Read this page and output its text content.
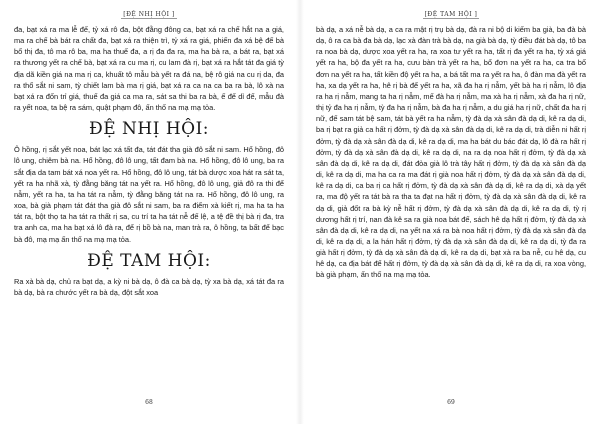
[ĐỆ NHỊ HỘI ]

đa, bạt xá ra ma lễ đế, tỷ xá rô đa, bột đằng đông ca, bạt xá ra chế hắt na a giá, ma ra chế bà bát ra chất đa, bạt xá ra thiện trì, tỷ xá ra giá, phiến đa xá bệ đế bà bổ thị đa, tô ma rô ba, ma ha thuế đa, a rị đa đa ra, ma ha bà ra, a bát ra, bạt xá ra thương yết ra chế bà, bạt xá ra cu ma rị, cu lam đà rị, bạt xá ra hắt tát đa giá tỳ địa dã kiền giá na ma rị ca, khuất tô mẫu bà yết ra đá na, bệ rô giá na cu rị da, đa ra thổ sắt ni sam, tỳ chiết lam bà ma rị giá, bạt xá ra ca na ca ba ra bà, lô xà na bạt xá ra đốn trỉ giá, thuế đa giá ca ma ra, sát sa thi ba ra bà, ế đế dỉ đế, mẫu đà ra yết noa, ta bệ ra sám, quật phạm đô, ấn thố na mạ mạ tỏa.

ĐỆ NHỊ HỘI:

Ô hồng, rị sắt yết noa, bát lạc xá tất đa, tát đát tha già đô sắt ni sam. Hổ hồng, đô lô ung, chiêm bà na. Hổ hồng, đô lô ung, tất đam bà na. Hổ hồng, đô lô ung, ba ra sắt địa da tam bát xá noa yết ra. Hổ hồng, đô lô ung, tát bà dược xoa hát ra sát ta, yết ra ha nhã xà, tỳ đằng băng tát na yết ra. Hổ hồng, đô lô ung, giả đô ra thi để nẫm, yết ra ha, ta ha tát ra nẫm, tỳ đằng băng tát na ra. Hổ hồng, đô lô ung, ra xoa, bà già phạm tát đát tha già đô sắt ni sam, ba ra điểm xà kiết rị, ma ha ta ha tát ra, bột thọ ta ha tát ra thất rị sa, cu trí ta ha tát nễ đế lệ, a tệ đề thị bà rị đa, tra tra anh ca, ma ha bạt xá lô đà ra, để rị bồ bà na, man trà ra, ô hồng, ta bất để bạc bà đô, mạ mạ ấn thố na mạ mạ tỏa.

ĐỆ TAM HỘI:

Ra xà bà dạ, chủ ra bạt dạ, a kỳ ni bà dạ, ô đà ca bà dạ, tỳ xa bà dạ, xá tát đa ra bà dạ, bà ra chước yết ra bà dạ, đột sắt xoa

68
[ĐỆ TAM HỘI ]

bà dạ, a xá nễ bà dạ, a ca ra mật rị trụ bà dạ, đà ra ni bộ di kiếm ba già, ba đà bà dạ, ô ra ca bà đa bà dạ, lạc xà đàn trà bà dạ, na già bà dạ, tỳ điều đát bà dạ, tô ba ra noa bà dạ, dược xoa yết ra ha, ra xoa tư yết ra ha, tất rị đa yết ra ha, tỳ xá giá yết ra ha, bộ đa yết ra ha, cưu bàn trà yết ra ha, bổ đơn na yết ra ha, ca tra bố đơn na yết ra ha, tất kiền độ yết ra ha, a bá tất ma ra yết ra ha, ô đàn ma đà yết ra ha, xa dạ yết ra ha, hê rị bà để yết ra ha, xã đa ha rị nẫm, yết bà ha rị nẫm, lô địa ra ha rị nẫm, mang ta ha rị nẫm, mế đà ha rị nẫm, ma xà ha rị nẫm, xà đa ha rị nữ, thị tỷ đa ha rị nẫm, tỳ đa ha rị nẫm, bà đa ha rị nẫm, a du giá ha rị nữ, chất đa ha rị nữ, đế sam tát bệ sam, tát bà yết ra ha nẫm, tỳ đà dạ xà sân đà dạ di, kê ra dạ di, ba rị bạt ra giả ca hất rị đởm, tỳ đà dạ xà sân đà dạ di, kê ra dạ di, trà diễn ni hất rị đởm, tỳ đà dạ xà sân đà dạ di, kê ra dạ di, ma ha bát du bác đát dạ, lô đà ra hất rị đởm, tỳ đà dạ xà sân đà dạ di, kê ra dạ di, na ra dạ noa hất rị đởm, tỳ đà dạ xà sân đà dạ di, kê ra dạ di, đát đỏa già lô trà tây hất rị đởm, tỳ đà dạ xà sân đà dạ di, kê ra dạ di, ma ha ca ra ma đát rị già noa hất rị đởm, tỳ đà dạ xà sân đà dạ di, kê ra dạ di, ca ba rị ca hất rị đởm, tỳ đà dạ xà sân đà dạ di, kê ra dạ di, xà dạ yết ra, ma độ yết ra tát bà ra tha ta đạt na hất rị đởm, tỳ đà dạ xà sân đà dạ di, kê ra dạ di, giả đốt ra bà kỳ nễ hất rị đởm, tỳ đà dạ xà sân đà dạ di, kê ra dạ di, tỳ rị dương hất rị trí, nan đà kê sa ra già noa bát đế, sách hê dạ hất rị đởm, tỳ đà dạ xà sân đà dạ di, kê ra dạ di, na yết na xá ra bà noa hất rị đởm, tỳ đà dạ xà sân đà dạ di, kê ra dạ di, a la hán hất rị đởm, tỳ đà dạ xà sân đà dạ di, kê ra dạ di, tỳ đa ra già hất rị đởm, tỳ đà dạ xà sân đà dạ di, kê ra dạ di, bạt xà ra ba nễ, cu hê dạ, cu hê dạ, ca địa bát để hất rị đởm, tỳ đà dạ xà sân đà dạ di, kê ra dạ di, ra xoa vòng, bà già phạm, ấn thố na mạ mạ tỏa.

69
